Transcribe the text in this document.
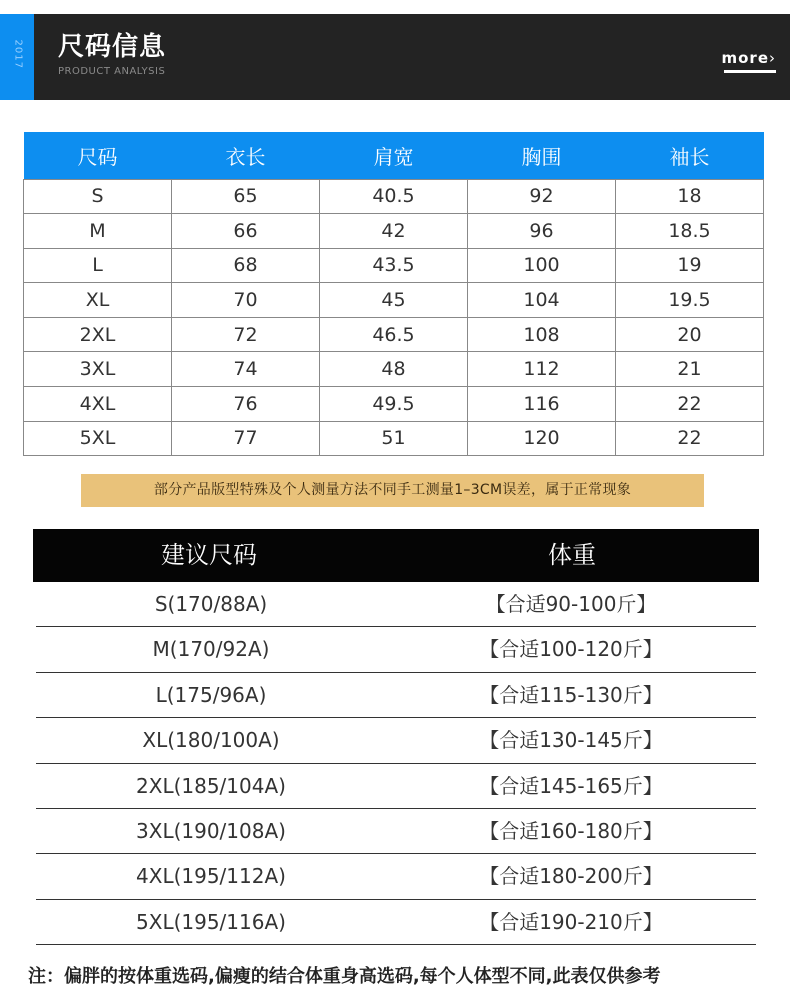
2017 尺码信息
PRODUCT ANALYSIS
more›
尺码	衣长	肩宽	胸围	袖长
S	65	40.5	92	18
M	66	42	96	18.5
L	68	43.5	100	19
XL	70	45	104	19.5
2XL	72	46.5	108	20
3XL	74	48	112	21
4XL	76	49.5	116	22
5XL	77	51	120	22
部分产品版型特殊及个人测量方法不同手工测量1–3CM误差，属于正常现象
建议尺码	体重
S(170/88A)	【合适90-100斤】
M(170/92A)	【合适100-120斤】
L(175/96A)	【合适115-130斤】
XL(180/100A)	【合适130-145斤】
2XL(185/104A)	【合适145-165斤】
3XL(190/108A)	【合适160-180斤】
4XL(195/112A)	【合适180-200斤】
5XL(195/116A)	【合适190-210斤】
注：偏胖的按体重选码,偏瘦的结合体重身高选码,每个人体型不同,此表仅供参考
